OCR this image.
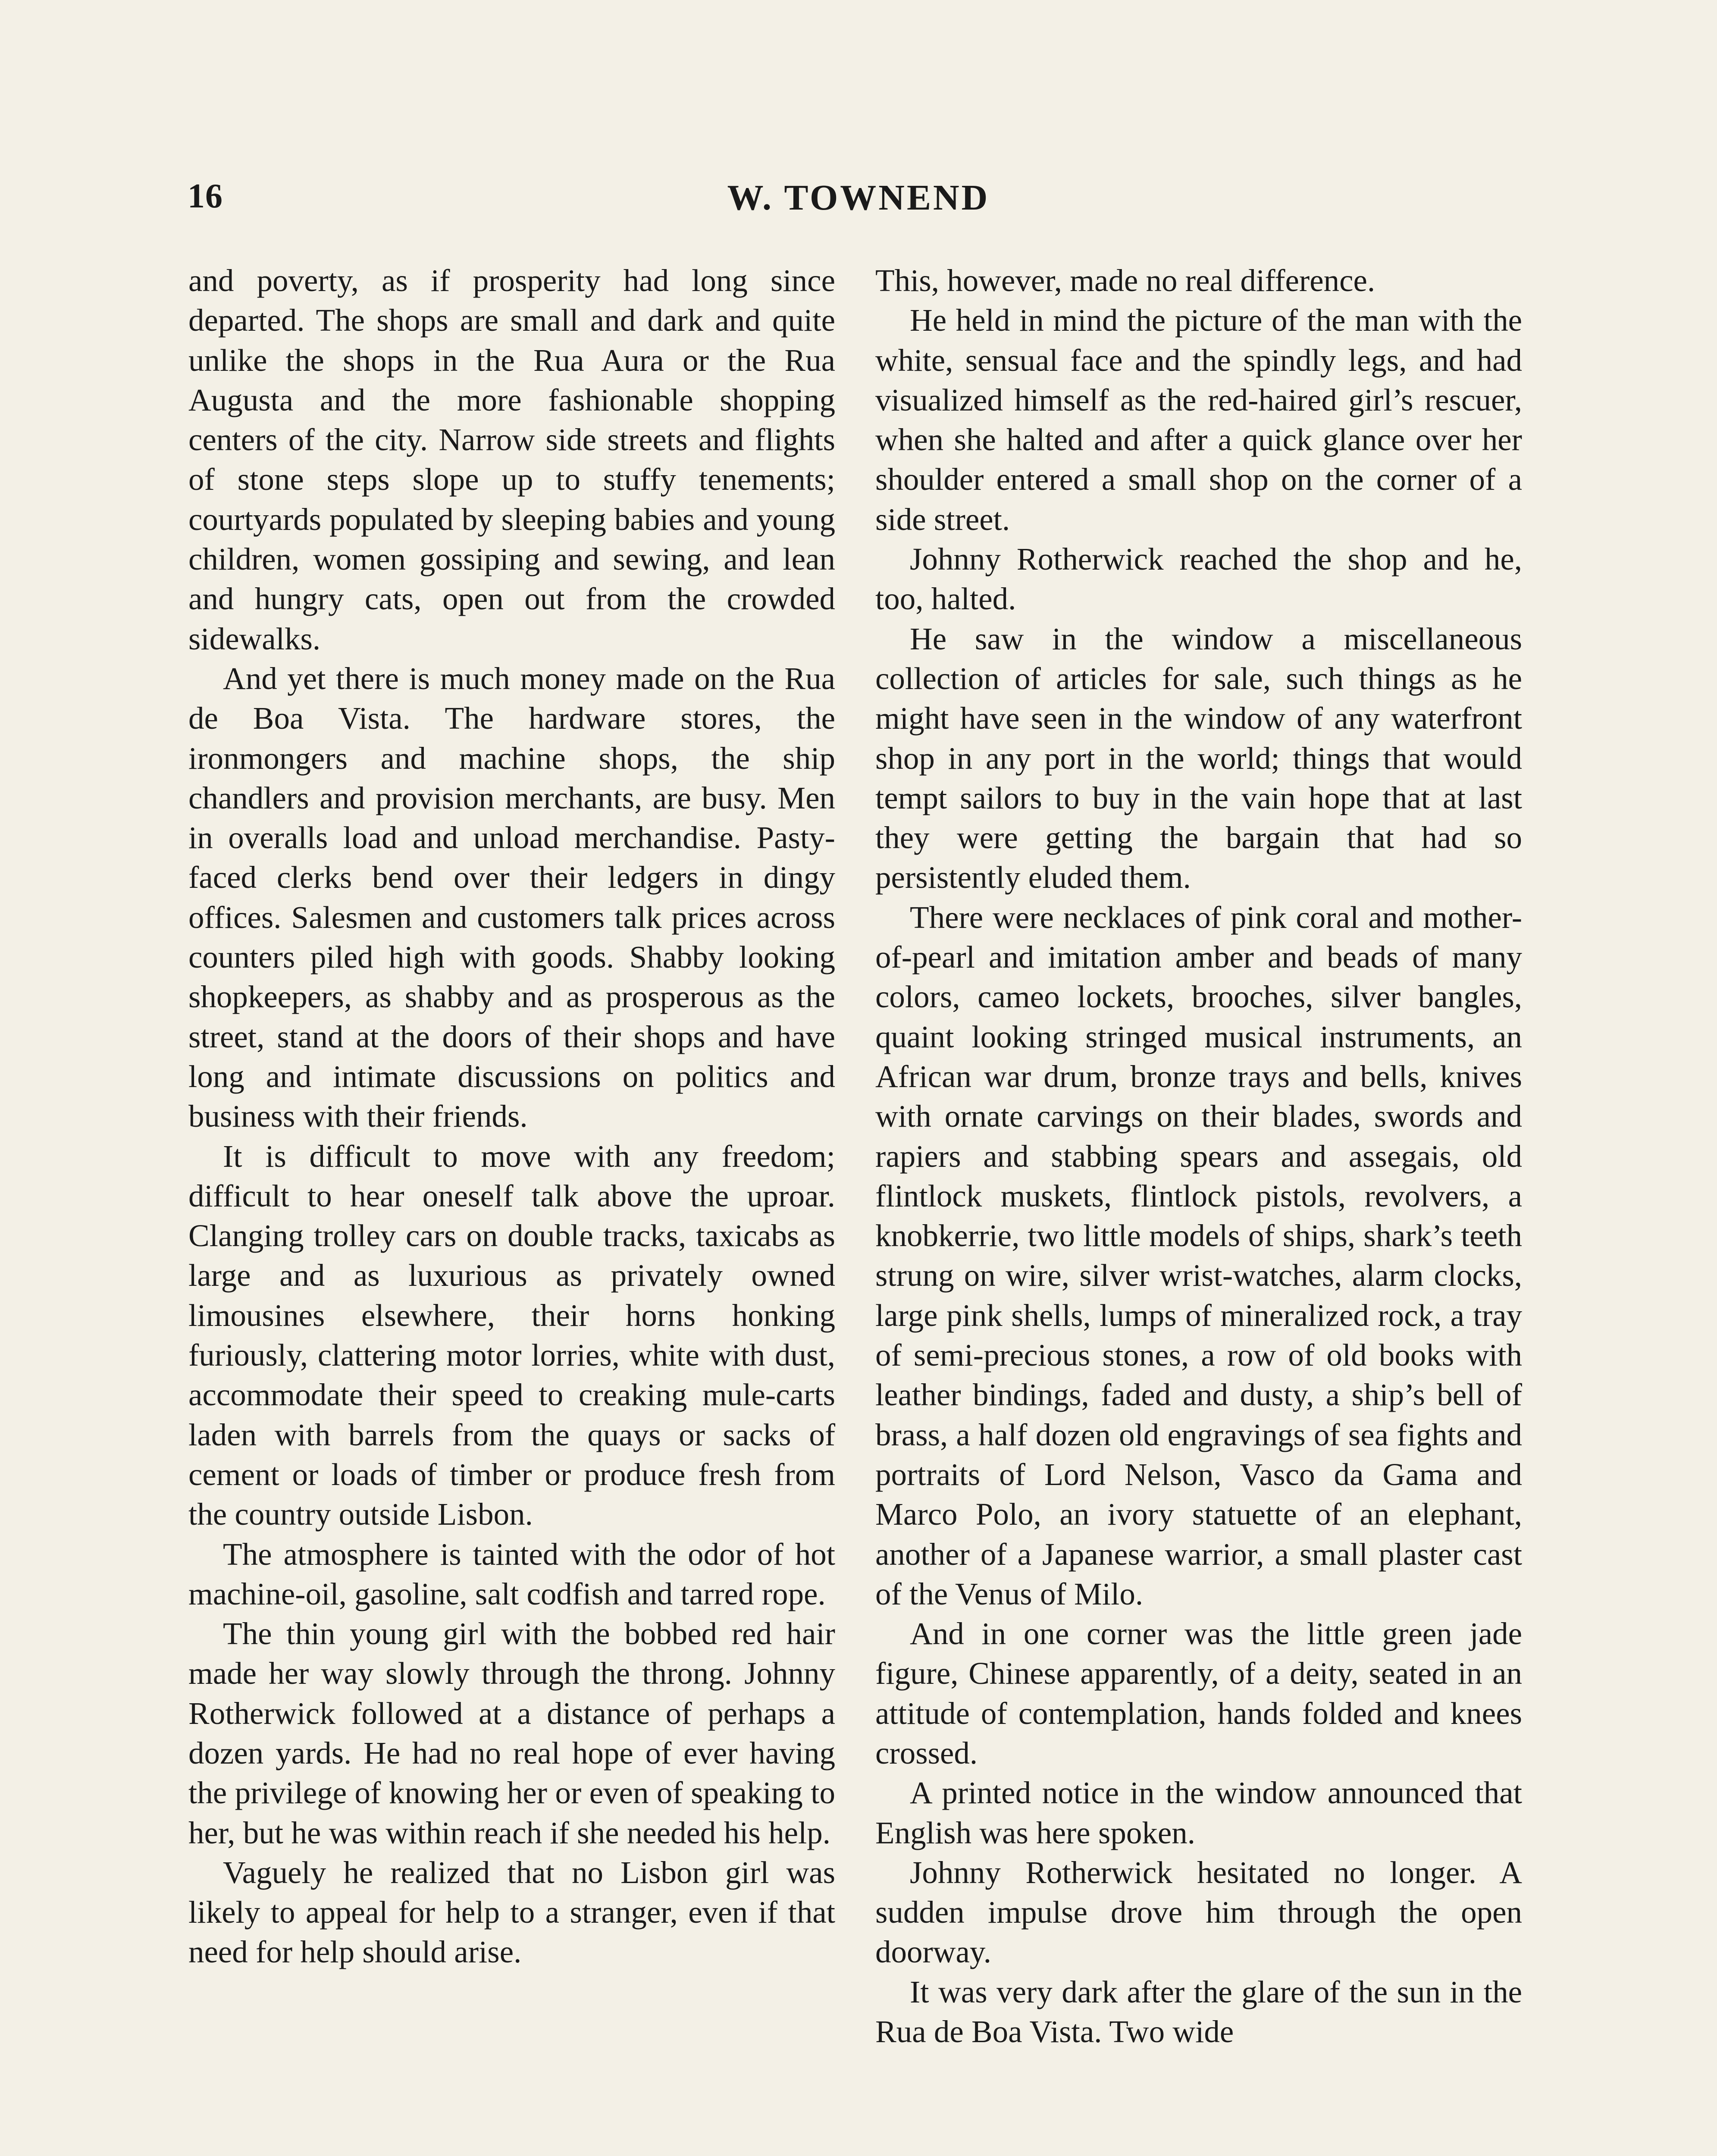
16	W. TOWNEND

and poverty, as if prosperity had long since departed. The shops are small and dark and quite unlike the shops in the Rua Aura or the Rua Augusta and the more fashionable shopping centers of the city. Narrow side streets and flights of stone steps slope up to stuffy tenements; courtyards populated by sleeping babies and young children, women gossiping and sewing, and lean and hungry cats, open out from the crowded sidewalks.

And yet there is much money made on the Rua de Boa Vista. The hardware stores, the ironmongers and machine shops, the ship chandlers and provision merchants, are busy. Men in overalls load and unload merchandise. Pasty-faced clerks bend over their ledgers in dingy offices. Salesmen and customers talk prices across counters piled high with goods. Shabby looking shopkeepers, as shabby and as prosperous as the street, stand at the doors of their shops and have long and intimate discussions on politics and business with their friends.

It is difficult to move with any freedom; difficult to hear oneself talk above the uproar. Clanging trolley cars on double tracks, taxicabs as large and as luxurious as privately owned limousines elsewhere, their horns honking furiously, clattering motor lorries, white with dust, accommodate their speed to creaking mule-carts laden with barrels from the quays or sacks of cement or loads of timber or produce fresh from the country outside Lisbon.

The atmosphere is tainted with the odor of hot machine-oil, gasoline, salt codfish and tarred rope.

The thin young girl with the bobbed red hair made her way slowly through the throng. Johnny Rotherwick followed at a distance of perhaps a dozen yards. He had no real hope of ever having the privilege of knowing her or even of speaking to her, but he was within reach if she needed his help.

Vaguely he realized that no Lisbon girl was likely to appeal for help to a stranger, even if that need for help should arise.

This, however, made no real difference.

He held in mind the picture of the man with the white, sensual face and the spindly legs, and had visualized himself as the red-haired girl’s rescuer, when she halted and after a quick glance over her shoulder entered a small shop on the corner of a side street.

Johnny Rotherwick reached the shop and he, too, halted.

He saw in the window a miscellaneous collection of articles for sale, such things as he might have seen in the window of any waterfront shop in any port in the world; things that would tempt sailors to buy in the vain hope that at last they were getting the bargain that had so persistently eluded them.

There were necklaces of pink coral and mother-of-pearl and imitation amber and beads of many colors, cameo lockets, brooches, silver bangles, quaint looking stringed musical instruments, an African war drum, bronze trays and bells, knives with ornate carvings on their blades, swords and rapiers and stabbing spears and assegais, old flintlock muskets, flintlock pistols, revolvers, a knobkerrie, two little models of ships, shark’s teeth strung on wire, silver wrist-watches, alarm clocks, large pink shells, lumps of mineralized rock, a tray of semi-precious stones, a row of old books with leather bindings, faded and dusty, a ship’s bell of brass, a half dozen old engravings of sea fights and portraits of Lord Nelson, Vasco da Gama and Marco Polo, an ivory statuette of an elephant, another of a Japanese warrior, a small plaster cast of the Venus of Milo.

And in one corner was the little green jade figure, Chinese apparently, of a deity, seated in an attitude of contemplation, hands folded and knees crossed.

A printed notice in the window announced that English was here spoken.

Johnny Rotherwick hesitated no longer. A sudden impulse drove him through the open doorway.

It was very dark after the glare of the sun in the Rua de Boa Vista. Two wide
